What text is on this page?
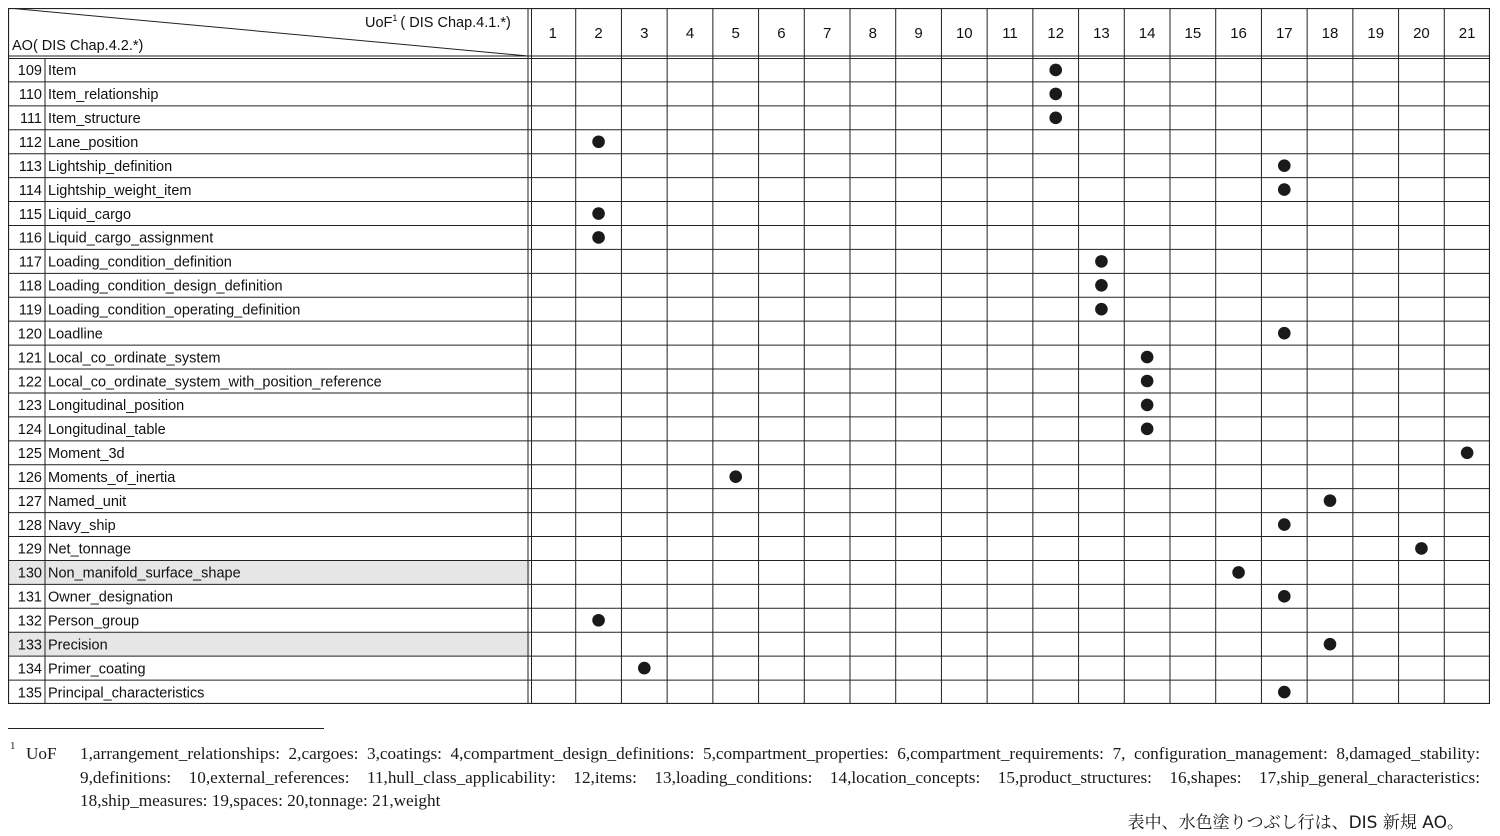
UoF$^1$ ( DIS Chap.4.1.*)
AO( DIS Chap.4.2.*)
1 2 3 4 5 6 7 8 9 10 11 12 13 14 15 16 17 18 19 20 21
109 Item
110 Item_relationship
111 Item_structure
112 Lane_position
113 Lightship_definition
114 Lightship_weight_item
115 Liquid_cargo
116 Liquid_cargo_assignment
117 Loading_condition_definition
118 Loading_condition_design_definition
119 Loading_condition_operating_definition
120 Loadline
121 Local_co_ordinate_system
122 Local_co_ordinate_system_with_position_reference
123 Longitudinal_position
124 Longitudinal_table
125 Moment_3d
126 Moments_of_inertia
127 Named_unit
128 Navy_ship
129 Net_tonnage
130 Non_manifold_surface_shape
131 Owner_designation
132 Person_group
133 Precision
134 Primer_coating
135 Principal_characteristics
1 UoF	1,arrangement_relationships: 2,cargoes: 3,coatings: 4,compartment_design_definitions: 5,compartment_properties: 6,compartment_requirements: 7, configuration_management: 8,damaged_stability: 9,definitions: 10,external_references: 11,hull_class_applicability: 12,items: 13,loading_conditions: 14,location_concepts: 15,product_structures: 16,shapes: 17,ship_general_characteristics: 18,ship_measures: 19,spaces: 20,tonnage: 21,weight
表中、水色塗りつぶし行は、DIS 新規 AO。
